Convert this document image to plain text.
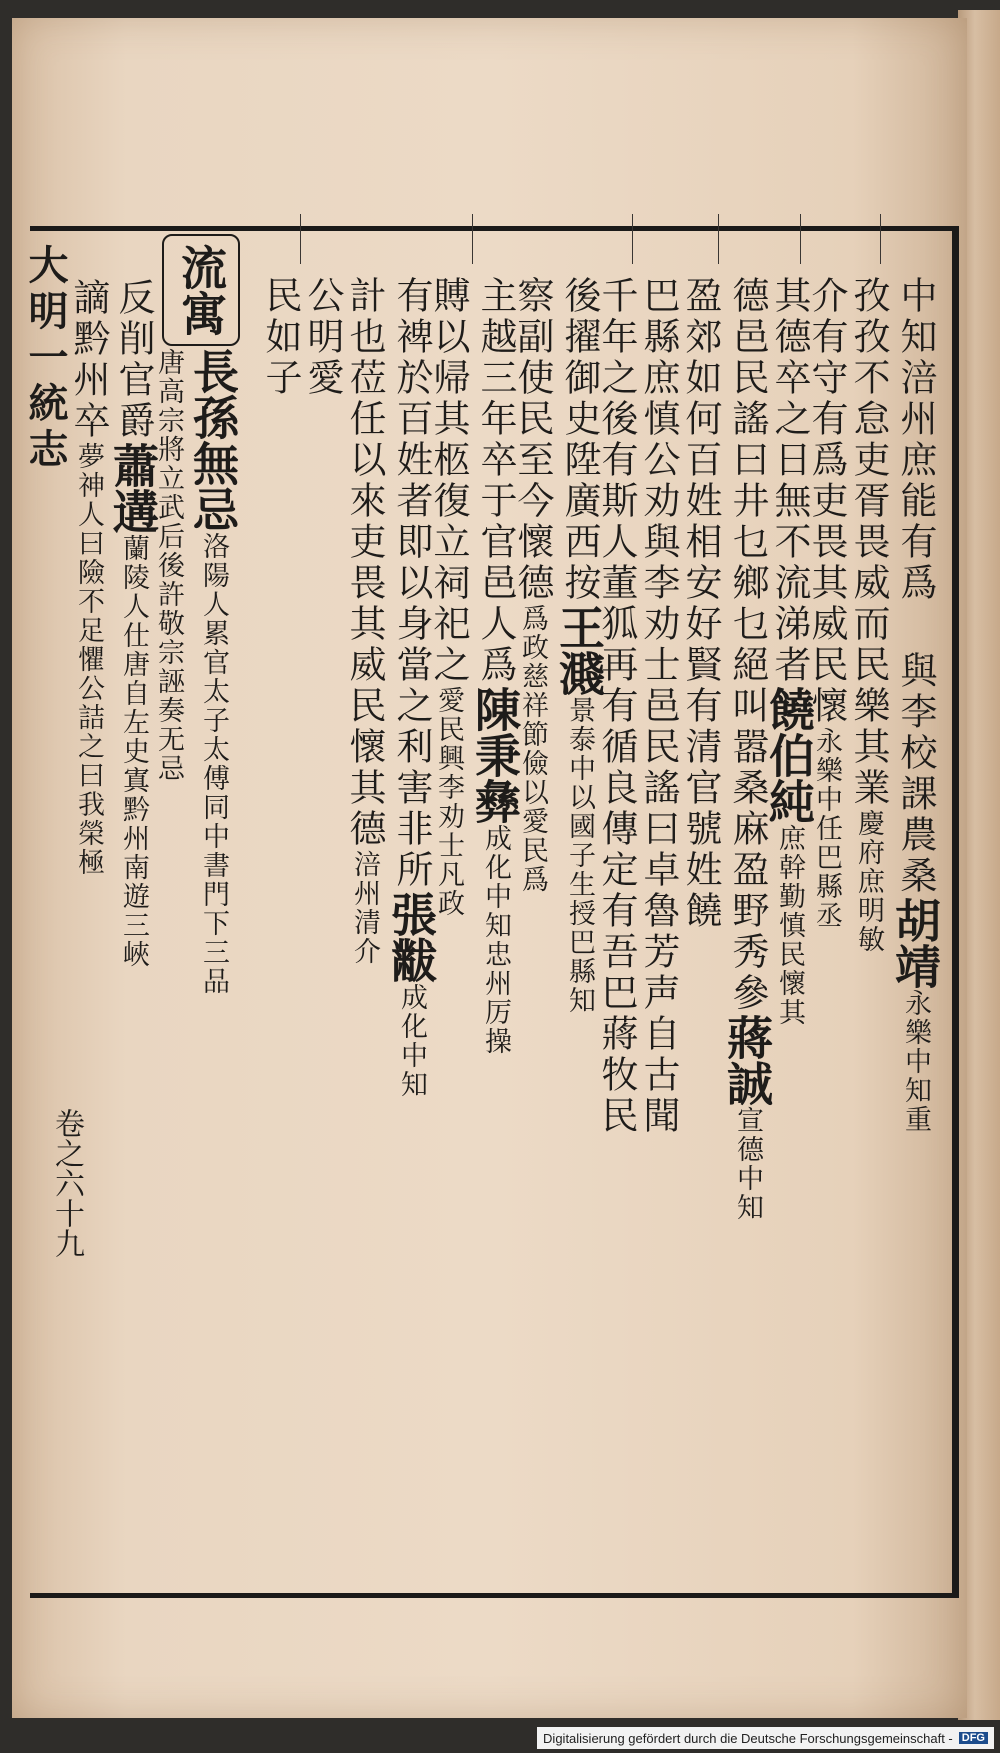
大明一統志
卷之六十九
流寓	中知涪州庶能有爲 與李校課農桑胡靖永樂中知重
孜孜不怠吏胥畏威而民樂其業慶府庶明敏
介有守有爲吏畏其威民懷永樂中任巴縣丞
其德卒之日無不流涕者饒伯純庶幹勤慎民懷其
德邑民謠曰井乜鄉乜絕叫嚣桑麻盈野秀參蔣誠宣德中知
盈郊如何百姓相安好賢有清官號姓饒
巴縣庶慎公劝與李劝士邑民謠曰卓魯芳声自古聞
千年之後有斯人董狐再有循良傳定有吾巴蔣牧民
後擢御史陞廣西按王濺景泰中以國子生授巴縣知
察副使民至今懷德爲政慈祥節儉以愛民爲
主越三年卒于官邑人爲陳秉彝成化中知忠州厉操
賻以帰其柩復立祠祀之愛民興李劝士凡政
有裨於百姓者即以身當之利害非所張黻成化中知
計也莅任以來吏畏其威民懷其德涪州清介
公明愛
民如子
長孫無忌洛陽人累官太子太傅同中書門下三品
唐高宗將立武后後許敬宗誣奏无忌
反削官爵蕭遘蘭陵人仕唐自左史寘黔州南遊三峽
謫黔州卒夢神人曰險不足懼公詰之曰我榮極
Digitalisierung gefördert durch die Deutsche Forschungsgemeinschaft - DFG
